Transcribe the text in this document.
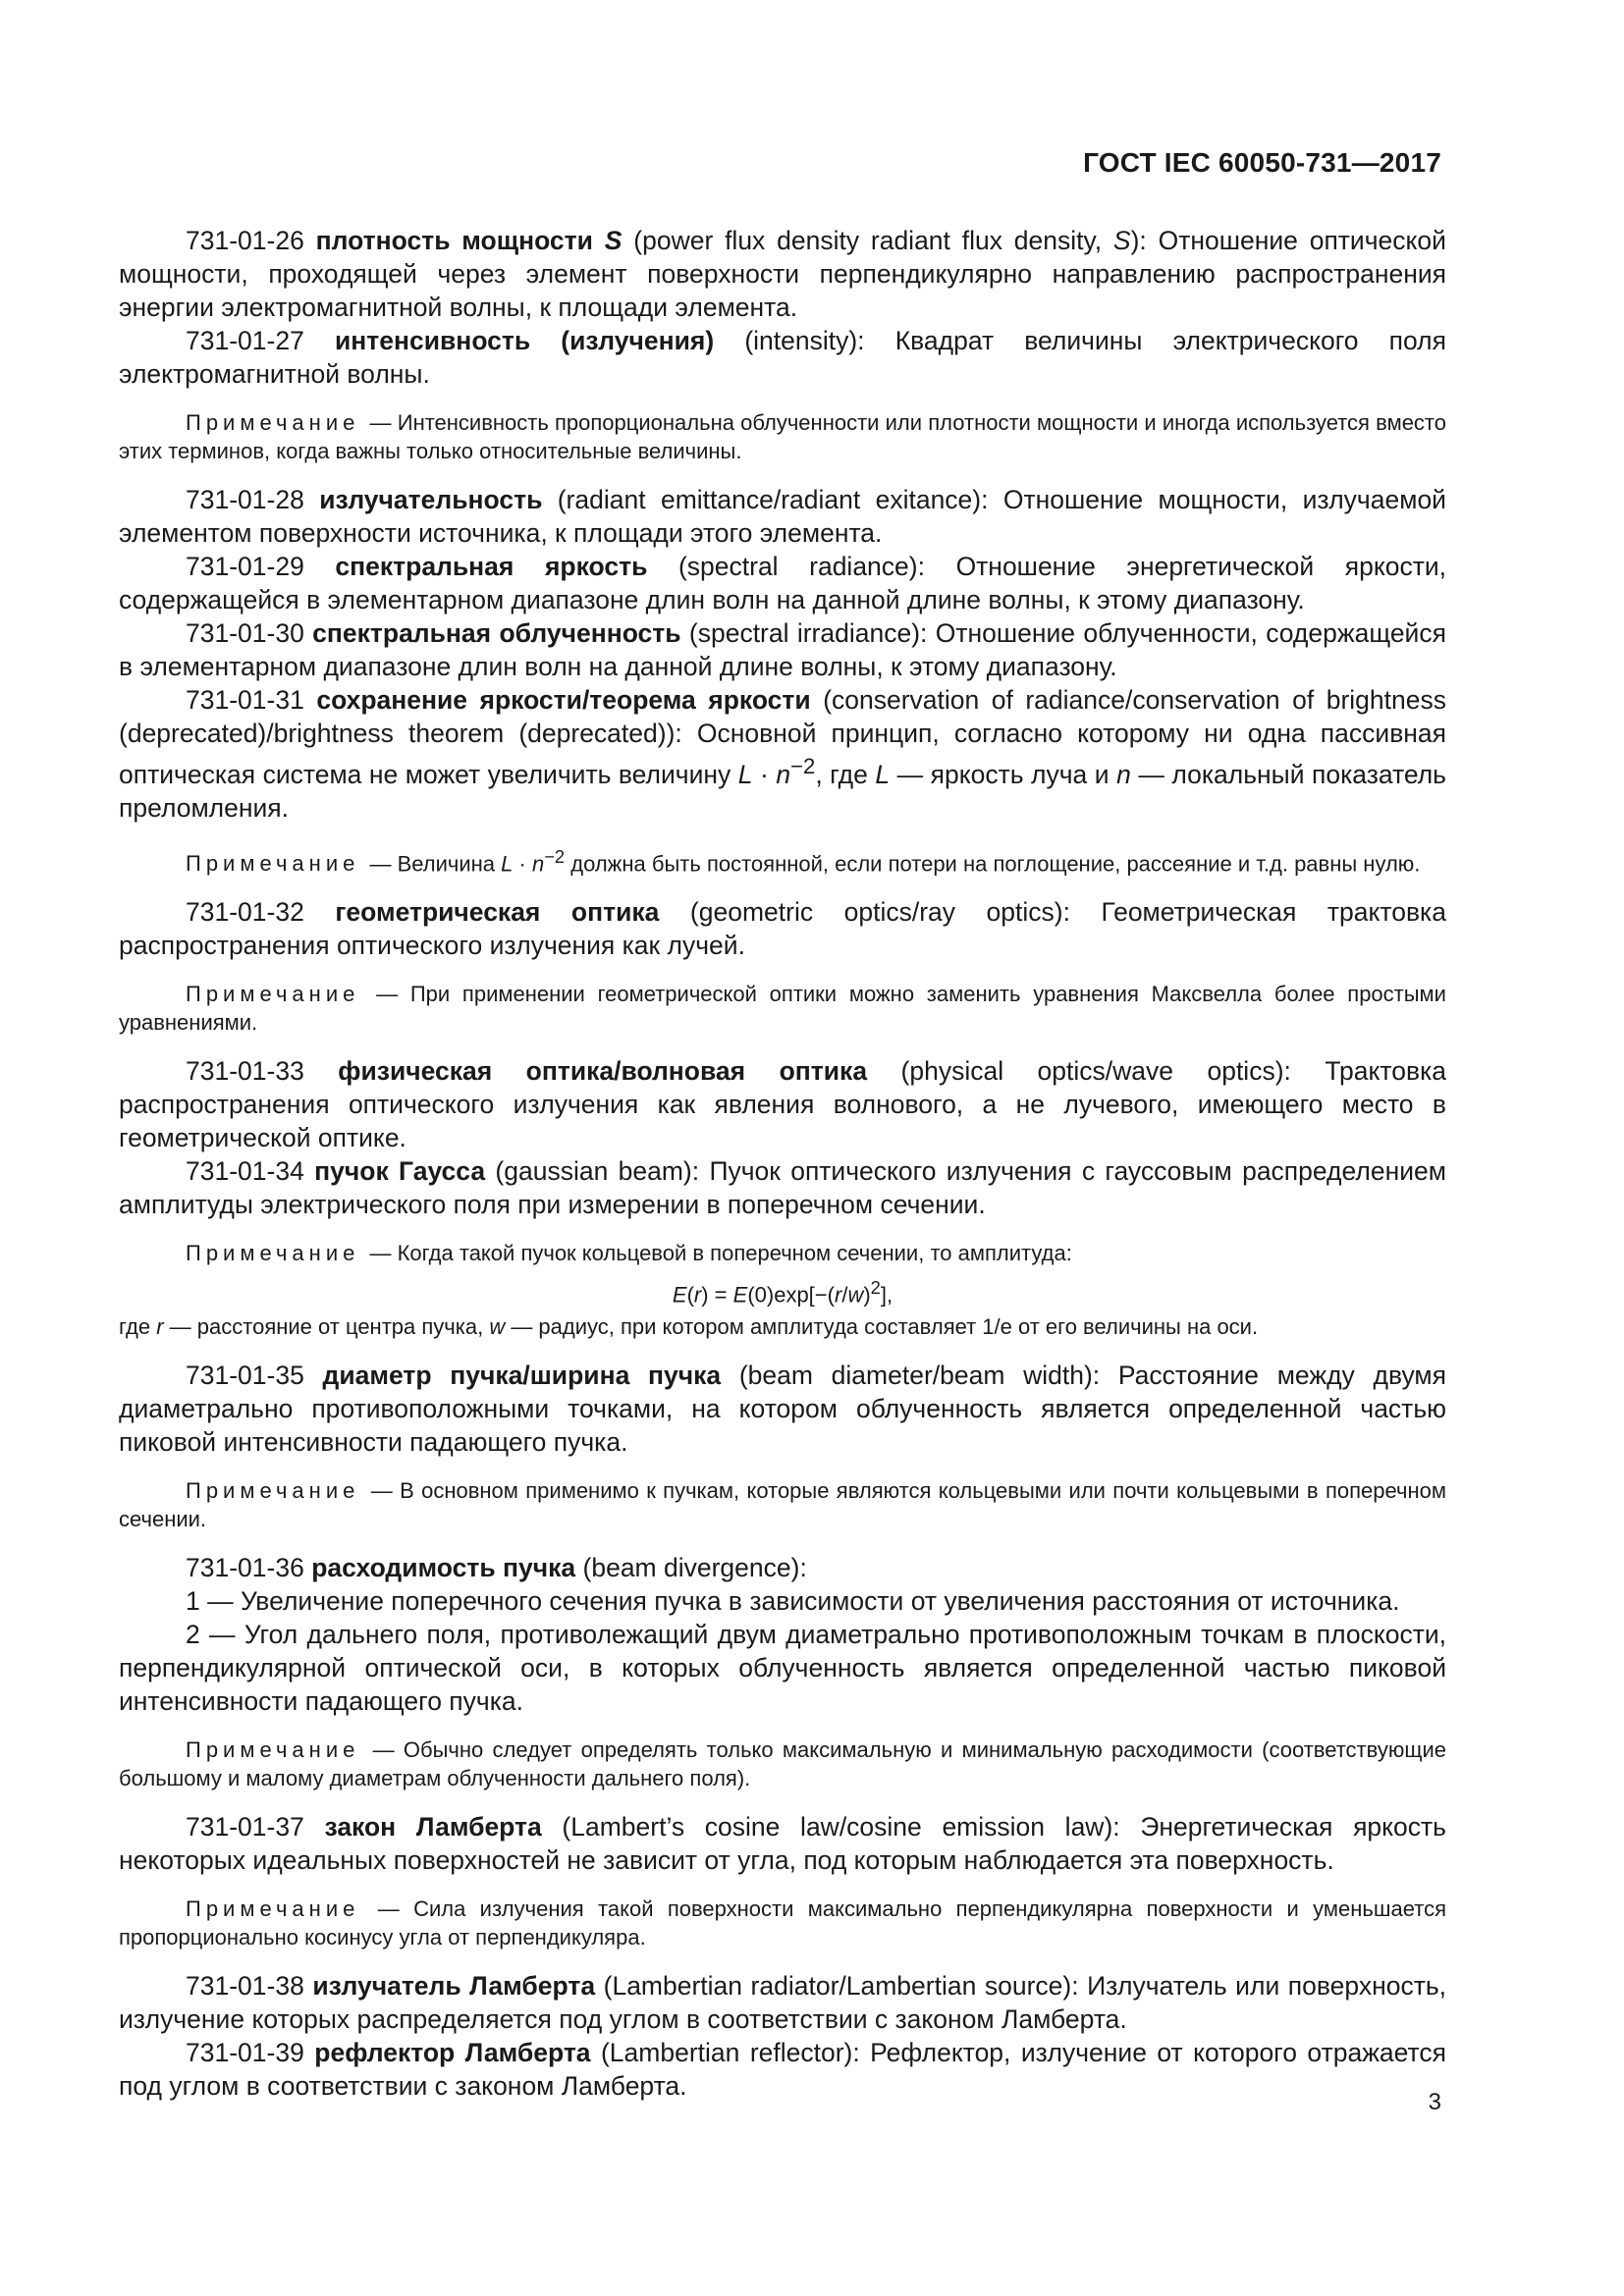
ГОСТ IEC 60050-731—2017

731-01-26 плотность мощности S (power flux density radiant flux density, S): Отношение оптической мощности, проходящей через элемент поверхности перпендикулярно направлению распространения энергии электромагнитной волны, к площади элемента.

731-01-27 интенсивность (излучения) (intensity): Квадрат величины электрического поля электромагнитной волны.

Примечание — Интенсивность пропорциональна облученности или плотности мощности и иногда используется вместо этих терминов, когда важны только относительные величины.

731-01-28 излучательность (radiant emittance/radiant exitance): Отношение мощности, излучаемой элементом поверхности источника, к площади этого элемента.

731-01-29 спектральная яркость (spectral radiance): Отношение энергетической яркости, содержащейся в элементарном диапазоне длин волн на данной длине волны, к этому диапазону.

731-01-30 спектральная облученность (spectral irradiance): Отношение облученности, содержащейся в элементарном диапазоне длин волн на данной длине волны, к этому диапазону.

731-01-31 сохранение яркости/теорема яркости (conservation of radiance/conservation of brightness (deprecated)/brightness theorem (deprecated)): Основной принцип, согласно которому ни одна пассивная оптическая система не может увеличить величину $L \cdot n^{-2}$, где L — яркость луча и n — локальный показатель преломления.

Примечание — Величина $L \cdot n^{-2}$ должна быть постоянной, если потери на поглощение, рассеяние и т.д. равны нулю.

731-01-32 геометрическая оптика (geometric optics/ray optics): Геометрическая трактовка распространения оптического излучения как лучей.

Примечание — При применении геометрической оптики можно заменить уравнения Максвелла более простыми уравнениями.

731-01-33 физическая оптика/волновая оптика (physical optics/wave optics): Трактовка распространения оптического излучения как явления волнового, а не лучевого, имеющего место в геометрической оптике.

731-01-34 пучок Гаусса (gaussian beam): Пучок оптического излучения с гауссовым распределением амплитуды электрического поля при измерении в поперечном сечении.

Примечание — Когда такой пучок кольцевой в поперечном сечении, то амплитуда:

$E(r) = E(0)\exp[-(r/w)^2]$,

где r — расстояние от центра пучка, w — радиус, при котором амплитуда составляет 1/e от его величины на оси.

731-01-35 диаметр пучка/ширина пучка (beam diameter/beam width): Расстояние между двумя диаметрально противоположными точками, на котором облученность является определенной частью пиковой интенсивности падающего пучка.

Примечание — В основном применимо к пучкам, которые являются кольцевыми или почти кольцевыми в поперечном сечении.

731-01-36 расходимость пучка (beam divergence):

1 — Увеличение поперечного сечения пучка в зависимости от увеличения расстояния от источника.

2 — Угол дальнего поля, противолежащий двум диаметрально противоположным точкам в плоскости, перпендикулярной оптической оси, в которых облученность является определенной частью пиковой интенсивности падающего пучка.

Примечание — Обычно следует определять только максимальную и минимальную расходимости (соответствующие большому и малому диаметрам облученности дальнего поля).

731-01-37 закон Ламберта (Lambert’s cosine law/cosine emission law): Энергетическая яркость некоторых идеальных поверхностей не зависит от угла, под которым наблюдается эта поверхность.

Примечание — Сила излучения такой поверхности максимально перпендикулярна поверхности и уменьшается пропорционально косинусу угла от перпендикуляра.

731-01-38 излучатель Ламберта (Lambertian radiator/Lambertian source): Излучатель или поверхность, излучение которых распределяется под углом в соответствии с законом Ламберта.

731-01-39 рефлектор Ламберта (Lambertian reflector): Рефлектор, излучение от которого отражается под углом в соответствии с законом Ламберта.

3
